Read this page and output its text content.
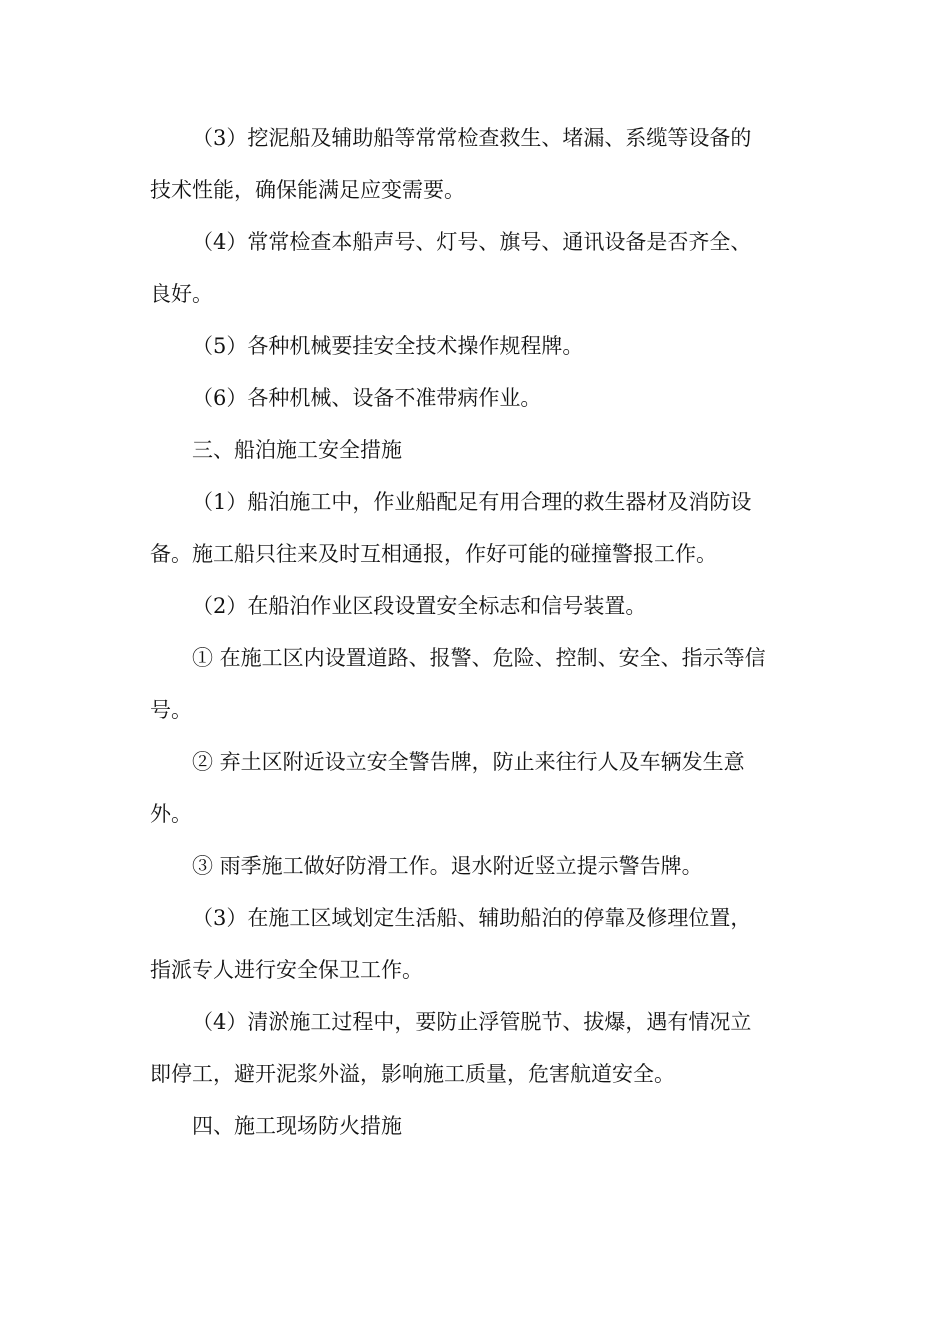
（3）挖泥船及辅助船等常常检查救生、堵漏、系缆等设备的
技术性能，确保能满足应变需要。

（4）常常检查本船声号、灯号、旗号、通讯设备是否齐全、
良好。

（5）各种机械要挂安全技术操作规程牌。

（6）各种机械、设备不准带病作业。

三、船泊施工安全措施

（1）船泊施工中，作业船配足有用合理的救生器材及消防设
备。施工船只往来及时互相通报，作好可能的碰撞警报工作。

（2）在船泊作业区段设置安全标志和信号装置。

① 在施工区内设置道路、报警、危险、控制、安全、指示等信
号。

② 弃土区附近设立安全警告牌，防止来往行人及车辆发生意
外。

③ 雨季施工做好防滑工作。退水附近竖立提示警告牌。

（3）在施工区域划定生活船、辅助船泊的停靠及修理位置，
指派专人进行安全保卫工作。

（4）清淤施工过程中，要防止浮管脱节、拔爆，遇有情况立
即停工，避开泥浆外溢，影响施工质量，危害航道安全。

四、施工现场防火措施
